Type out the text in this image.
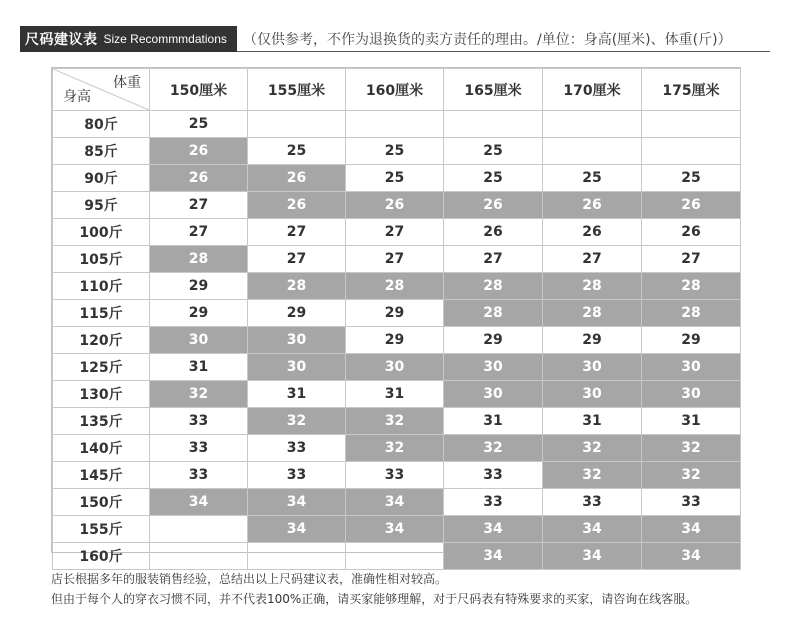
尺码建议表 Size Recommmdations （仅供参考，不作为退换货的卖方责任的理由。/单位：身高(厘米)、体重(斤)）
体重
身高	150厘米	155厘米	160厘米	165厘米	170厘米	175厘米
80斤	25					
85斤	26	25	25	25		
90斤	26	26	25	25	25	25
95斤	27	26	26	26	26	26
100斤	27	27	27	26	26	26
105斤	28	27	27	27	27	27
110斤	29	28	28	28	28	28
115斤	29	29	29	28	28	28
120斤	30	30	29	29	29	29
125斤	31	30	30	30	30	30
130斤	32	31	31	30	30	30
135斤	33	32	32	31	31	31
140斤	33	33	32	32	32	32
145斤	33	33	33	33	32	32
150斤	34	34	34	33	33	33
155斤		34	34	34	34	34
160斤				34	34	34
店长根据多年的服装销售经验，总结出以上尺码建议表，准确性相对较高。
但由于每个人的穿衣习惯不同，并不代表100%正确，请买家能够理解，对于尺码表有特殊要求的买家，请咨询在线客服。
